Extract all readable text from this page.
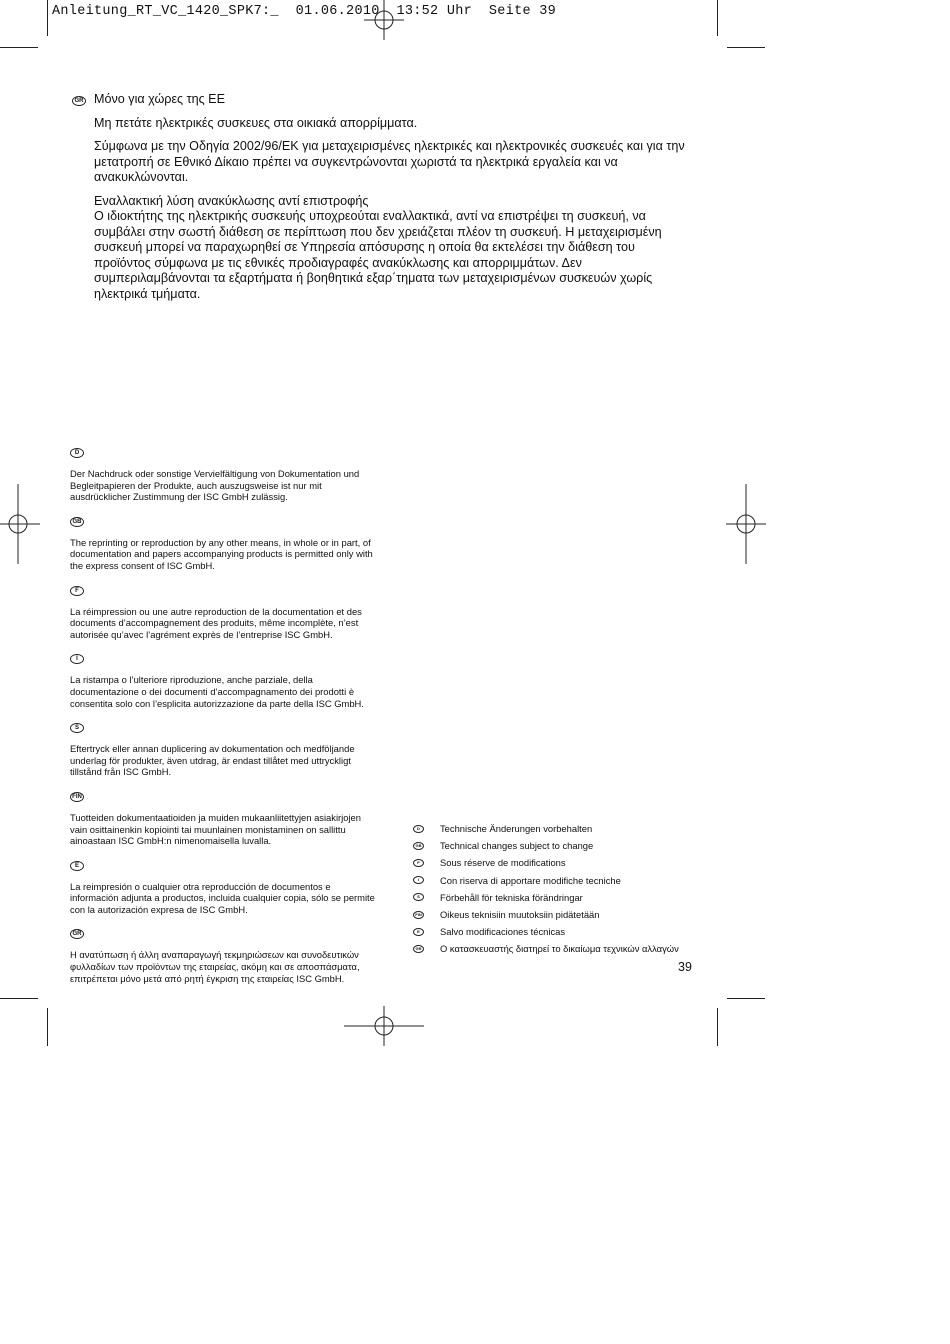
Anleitung_RT_VC_1420_SPK7:_  01.06.2010  13:52 Uhr  Seite 39
GR Μόνο για χώρες της ΕΕ

Μη πετάτε ηλεκτρικές συσκευες στα οικιακά απορρίμματα.

Σύμφωνα με την Οδηγία 2002/96/ΕΚ για μεταχειρισμένες ηλεκτρικές και ηλεκτρονικές συσκευές και για την μετατροπή σε Εθνικό Δίκαιο πρέπει να συγκεντρώνονται χωριστά τα ηλεκτρικά εργαλεία και να ανακυκλώνονται.

Εναλλακτική λύση ανακύκλωσης αντί επιστροφής
Ο ιδιοκτήτης της ηλεκτρικής συσκευής υποχρεούται εναλλακτικά, αντί να επιστρέψει τη συσκευή, να συμβάλει στην σωστή διάθεση σε περίπτωση που δεν χρειάζεται πλέον τη συσκευή. Η μεταχειρισμένη συσκευή μπορεί να παραχωρηθεί σε Υπηρεσία απόσυρσης η οποία θα εκτελέσει την διάθεση του προϊόντος σύμφωνα με τις εθνικές προδιαγραφές ανακύκλωσης και απορριμμάτων. Δεν συμπεριλαμβάνονται τα εξαρτήματα ή βοηθητικά εξαρ΄τηματα των μεταχειρισμένων συσκευών χωρίς ηλεκτρικά τμήματα.

D

Der Nachdruck oder sonstige Vervielfältigung von Dokumentation und Begleitpapieren der Produkte, auch auszugsweise ist nur mit ausdrücklicher Zustimmung der ISC GmbH zulässig.

GB

The reprinting or reproduction by any other means, in whole or in part, of documentation and papers accompanying products is permitted only with the express consent of ISC GmbH.

F

La réimpression ou une autre reproduction de la documentation et des documents d’accompagnement des produits, même incomplète, n’est autorisée qu’avec l’agrément exprès de l’entreprise ISC GmbH.

I

La ristampa o l’ulteriore riproduzione, anche parziale, della documentazione o dei documenti d’accompagnamento dei prodotti è consentita solo con l’esplicita autorizzazione da parte della ISC GmbH.

S

Eftertryck eller annan duplicering av dokumentation och medföljande underlag för produkter, även utdrag, är endast tillåtet med uttryckligt tillstånd från ISC GmbH.

FIN

Tuotteiden dokumentaatioiden ja muiden mukaanliitettyjen asiakirjojen vain osittainenkin kopiointi tai muunlainen monistaminen on sallittu ainoastaan ISC GmbH:n nimenomaisella luvalla.

E

La reimpresión o cualquier otra reproducción de documentos e información adjunta a productos, incluida cualquier copia, sólo se permite con la autorización expresa de ISC GmbH.

GR

Η ανατύπωση ή άλλη αναπαραγωγή τεκμηριώσεων και συνοδευτικών φυλλαδίων των προϊόντων της εταιρείας, ακόμη και σε αποσπάσματα, επιτρέπεται μόνο μετά από ρητή έγκριση της εταιρείας ISC GmbH.

D	Technische Änderungen vorbehalten
GB Technical changes subject to change
F	Sous réserve de modifications
I	Con riserva di apportare modifiche tecniche
S	Förbehåll för tekniska förändringar
FIN Oikeus teknisiin muutoksiin pidätetään
E	Salvo modificaciones técnicas
GR Ο κατασκευαστής διατηρεί το δικαίωμα τεχνικών αλλαγών
39
